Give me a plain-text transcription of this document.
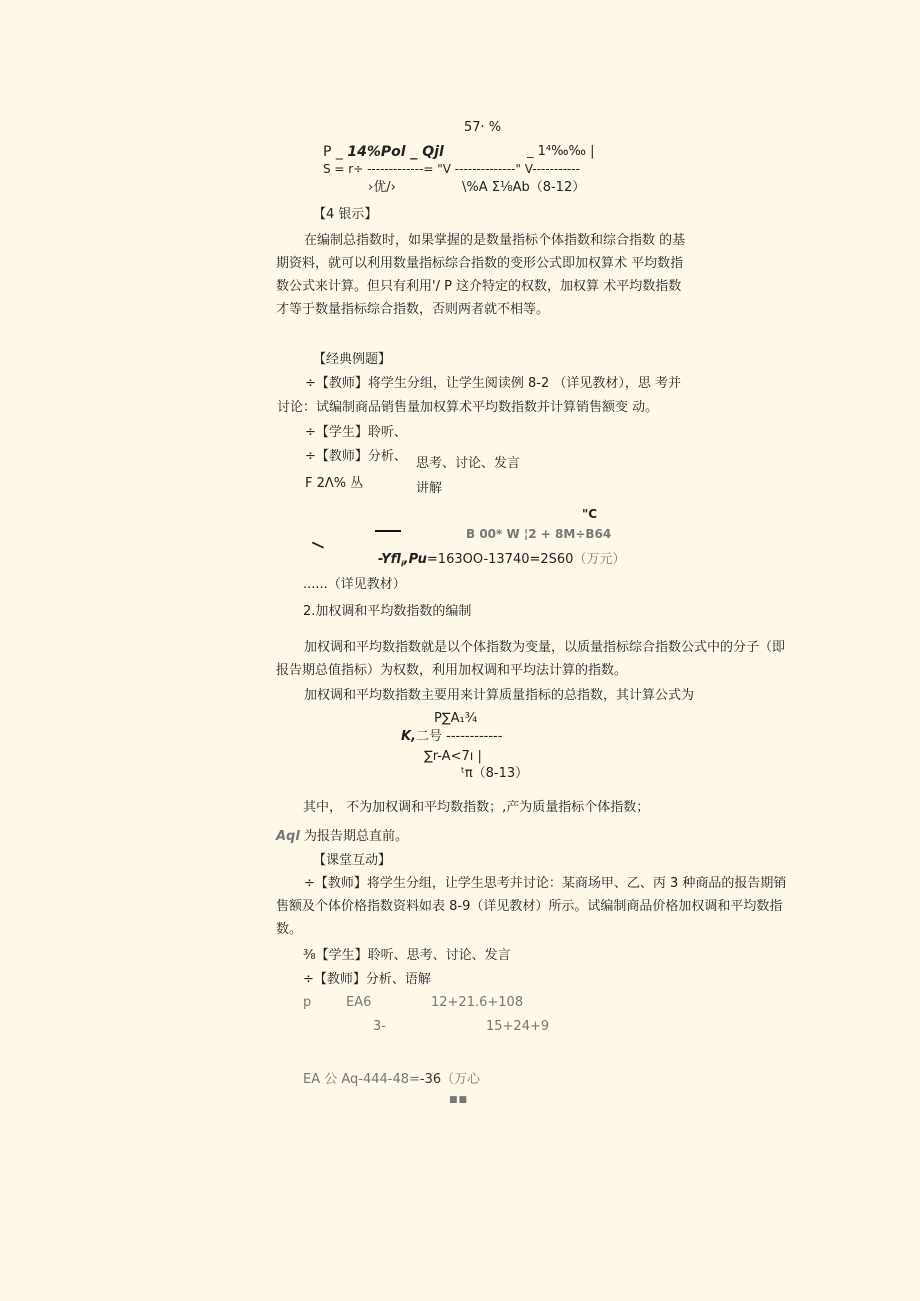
57· %
P _ 14%Pol _ Qjl	_ 1⁴‰‰ |
S = r÷ -------------= "V --------------" V-----------
›优/›	\%A Σ⅛Ab（8-12）
【4 银示】
在编制总指数时，如果掌握的是数量指标个体指数和综合指数 的基
期资料，就可以利用数量指标综合指数的变形公式即加权算术 平均数指
数公式来计算。但只有利用'/ P 这介特定的权数，加权算 术平均数指数
才等于数量指标综合指数，否则两者就不相等。
【经典例题】
÷【教师】将学生分组，让学生阅读例 8-2 （详见教材），思 考并
讨论：试编制商品销售量加权算术平均数指数并计算销售额变 动。
÷【学生】聆听、
÷【教师】分析、 思考、讨论、发言
F 2Λ% 丛	讲解
"C
B 00* W ¦2 + 8M÷B64
—
-Yfl$_i$,Pu=163OO-13740=2S60（万元）
......（详见教材）
2.加权调和平均数指数的编制
加权调和平均数指数就是以个体指数为变量，以质量指标综合指数公式中的分子（即
报告期总值指标）为权数，利用加权调和平均法计算的指数。
加权调和平均数指数主要用来计算质量指标的总指数，其计算公式为
P∑A₁¾
K,二号 ------------
∑r-A<7ı |
ᵗπ（8-13）
其中， 不为加权调和平均数指数；,产为质量指标个体指数；
Aql 为报告期总直前。
【课堂互动】
÷【教师】将学生分组，让学生思考并讨论：某商场甲、乙、丙 3 种商品的报告期销
售额及个体价格指数资料如表 8-9（详见教材）所示。试编制商品价格加权调和平均数指
数。
⅜【学生】聆听、思考、讨论、发言
÷【教师】分析、语解
p	EA6	12+21.6+108
3-	15+24+9
EA 公 Aq-444-48=-36（万心
■■
